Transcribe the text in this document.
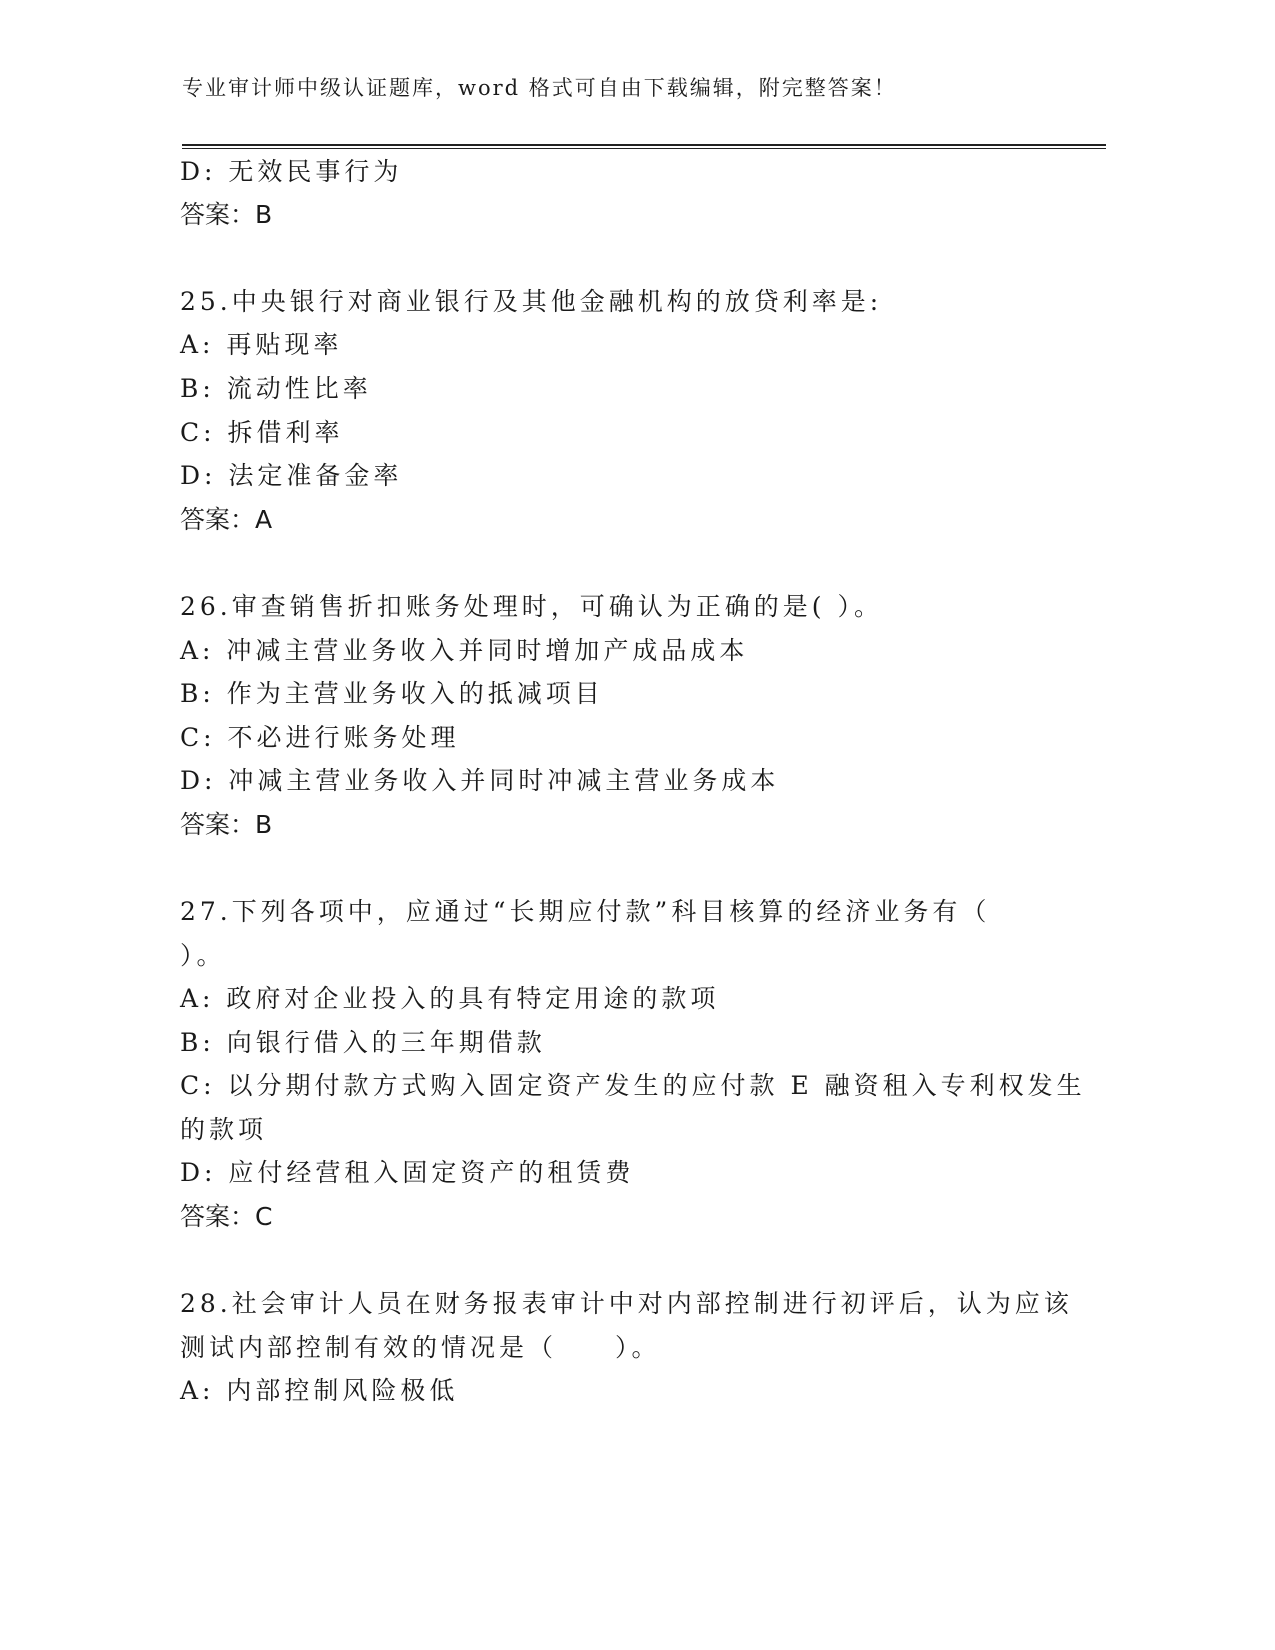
专业审计师中级认证题库，word 格式可自由下载编辑，附完整答案！
D: 无效民事行为
答案：B
25.中央银行对商业银行及其他金融机构的放贷利率是:
A: 再贴现率
B: 流动性比率
C: 拆借利率
D: 法定准备金率
答案：A
26.审查销售折扣账务处理时，可确认为正确的是( ）。
A: 冲减主营业务收入并同时增加产成品成本
B: 作为主营业务收入的抵减项目
C: 不必进行账务处理
D: 冲减主营业务收入并同时冲减主营业务成本
答案：B
27.下列各项中，应通过“长期应付款”科目核算的经济业务有（
）。
A: 政府对企业投入的具有特定用途的款项
B: 向银行借入的三年期借款
C: 以分期付款方式购入固定资产发生的应付款 E 融资租入专利权发生
的款项
D: 应付经营租入固定资产的租赁费
答案：C
28.社会审计人员在财务报表审计中对内部控制进行初评后，认为应该
测试内部控制有效的情况是（　　）。
A: 内部控制风险极低
